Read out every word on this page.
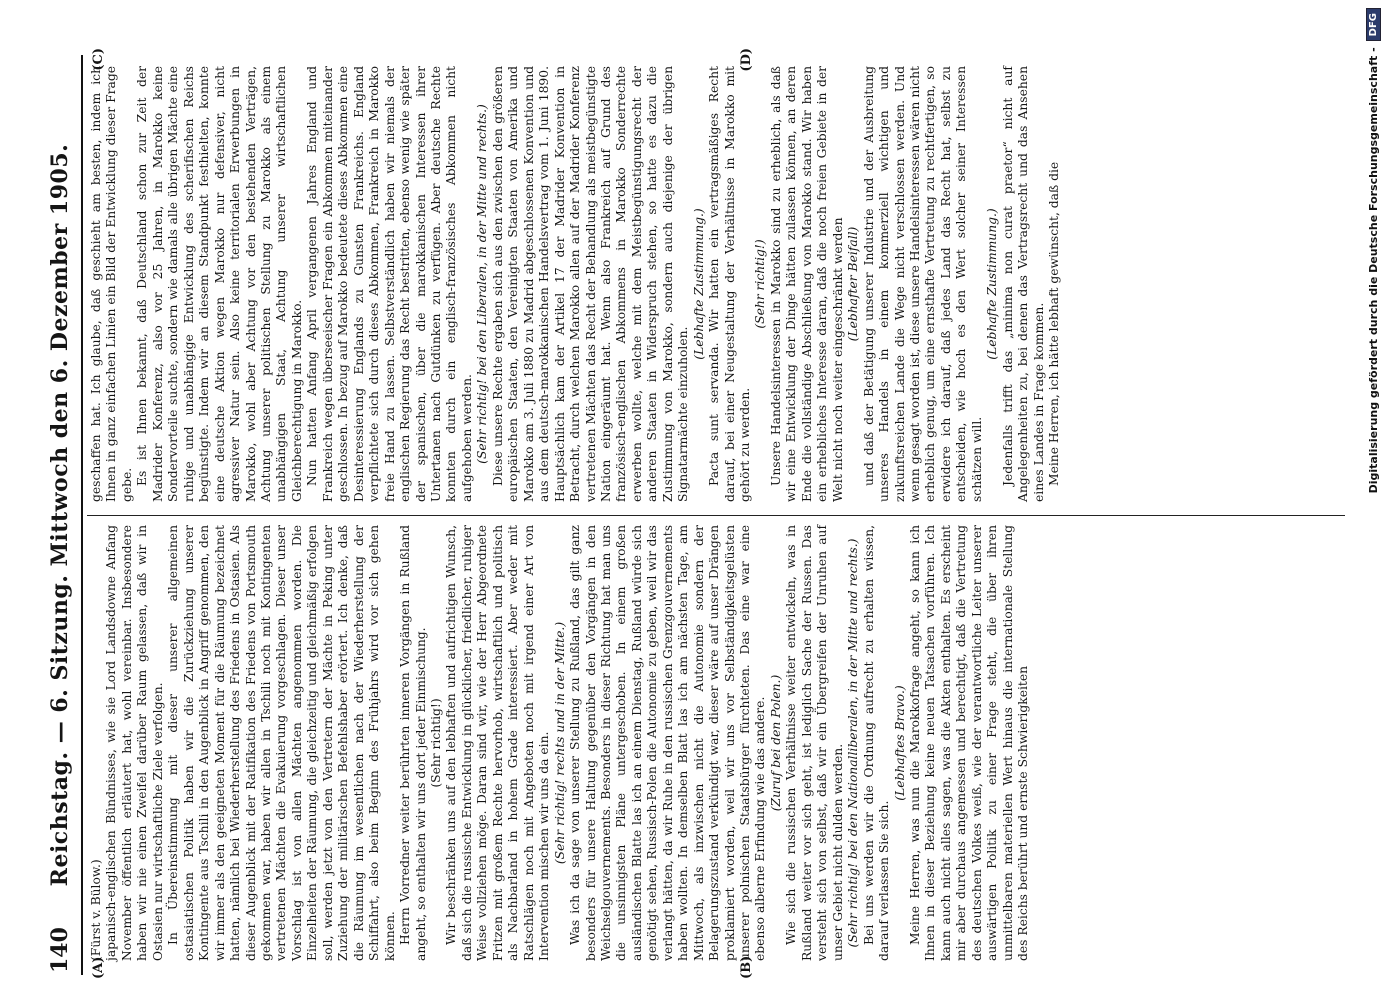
140
Reichstag. — 6. Sitzung. Mittwoch den 6. Dezember 1905.
(A)	(B)

(Fürst v. Bülow.) japanisch-englischen Bündnisses, wie sie Lord Landsdowne Anfang November öffentlich erläutert hat, wohl vereinbar. Insbesondere haben wir nie einen Zweifel darüber Raum gelassen, daß wir in Ostasien nur wirtschaftliche Ziele verfolgen. In Übereinstimmung mit dieser unserer allgemeinen ostasiatischen Politik haben wir die Zurückziehung unserer Kontingente aus Tschili in den Augenblick in Angriff genommen, den wir immer als den geeigneten Moment für die Räumung bezeichnet hatten, nämlich bei Wiederherstellung des Friedens in Ostasien. Als dieser Augenblick mit der Ratifikation des Friedens von Portsmouth gekommen war, haben wir allen in Tschili noch mit Kontingenten vertretenen Mächten die Evakuierung vorgeschlagen. Dieser unser Vorschlag ist von allen Mächten angenommen worden. Die Einzelheiten der Räumung, die gleichzeitig und gleichmäßig erfolgen soll, werden jetzt von den Vertretern der Mächte in Peking unter Zuziehung der militärischen Befehlshaber erörtert. Ich denke, daß die Räumung im wesentlichen nach der Wiederherstellung der Schiffahrt, also beim Beginn des Frühjahrs wird vor sich gehen können. Herrn Vorredner weiter berührten inneren Vorgängen in Rußland angeht, so enthalten wir uns dort jeder Einmischung. (Sehr richtig!) Wir beschränken uns auf den lebhaften und aufrichtigen Wunsch, daß sich die russische Entwicklung in glücklicher, friedlicher, ruhiger Weise vollziehen möge. Daran sind wir, wie der Herr Abgeordnete Fritzen mit großem Rechte hervorhob, wirtschaftlich und politisch als Nachbarland in hohem Grade interessiert. Aber weder mit Ratschlägen noch mit Angeboten noch mit irgend einer Art von Intervention mischen wir uns da ein. (Sehr richtig! rechts und in der Mitte.) Was ich da sage von unserer Stellung zu Rußland, das gilt ganz besonders für unsere Haltung gegenüber den Vorgängen in den Weichselgouvernements. Besonders in dieser Richtung hat man uns die unsinnigsten Pläne untergeschoben. In einem großen ausländischen Blatte las ich an einem Dienstag, Rußland würde sich genötigt sehen, Russisch-Polen die Autonomie zu geben, weil wir das verlangt hätten, da wir Ruhe in den russischen Grenzgouvernements haben wollten. In demselben Blatt las ich am nächsten Tage, am Mittwoch, als inzwischen nicht die Autonomie sondern der Belagerungszustand verkündigt war, dieser wäre auf unser Drängen proklamiert worden, weil wir uns vor Selbständigkeitsgelüsten unserer polnischen Staatsbürger fürchteten. Das eine war eine ebenso alberne Erfindung wie das andere. (Zuruf bei den Polen.) Wie sich die russischen Verhältnisse weiter entwickeln, was in Rußland weiter vor sich geht, ist lediglich Sache der Russen. Das versteht sich von selbst, daß wir ein Übergreifen der Unruhen auf unser Gebiet nicht dulden werden. (Sehr richtig! bei den Nationalliberalen, in der Mitte und rechts.) Bei uns werden wir die Ordnung aufrecht zu erhalten wissen, darauf verlassen Sie sich.

(Lebhaftes Bravo.) Meine Herren, was nun die Marokkofrage angeht, so kann ich Ihnen in dieser Beziehung keine neuen Tatsachen vorführen. Ich kann auch nicht alles sagen, was die Akten enthalten. Es erscheint mir aber durchaus angemessen und berechtigt, daß die Vertretung des deutschen Volkes weiß, wie der verantwortliche Leiter unserer auswärtigen Politik zu einer Frage steht, die über ihren unmittelbaren materiellen Wert hinaus die internationale Stellung des Reichs berührt und ernste Schwierigkeiten

(C)	(D)

geschaffen hat. Ich glaube, daß geschieht am besten, indem ich Ihnen in ganz einfachen Linien ein Bild der Entwicklung dieser Frage gebe. Es ist Ihnen bekannt, daß Deutschland schon zur Zeit der Madrider Konferenz, also vor 25 Jahren, in Marokko keine Sondervorteile suchte, sondern wie damals alle übrigen Mächte eine ruhige und unabhängige Entwicklung des scherifischen Reichs begünstigte. Indem wir an diesem Standpunkt festhielten, konnte eine deutsche Aktion wegen Marokko nur defensiver, nicht agressiver Natur sein. Also keine territorialen Erwerbungen in Marokko, wohl aber Achtung vor den bestehenden Verträgen, Achtung unserer politischen Stellung zu Marokko als einem unabhängigen Staat, Achtung unserer wirtschaftlichen Gleichberechtigung in Marokko. Nun hatten Anfang April vergangenen Jahres England und Frankreich wegen überseeischer Fragen ein Abkommen miteinander geschlossen. In bezug auf Marokko bedeutete dieses Abkommen eine Desinteressierung Englands zu Gunsten Frankreichs. England verpflichtete sich durch dieses Abkommen, Frankreich in Marokko freie Hand zu lassen. Selbstverständlich haben wir niemals der englischen Regierung das Recht bestritten, ebenso wenig wie später der spanischen, über die marokkanischen Interessen ihrer Untertanen nach Gutdünken zu verfügen. Aber deutsche Rechte konnten durch ein englisch-französisches Abkommen nicht aufgehoben werden. (Sehr richtig! bei den Liberalen, in der Mitte und rechts.) Diese unsere Rechte ergaben sich aus den zwischen den größeren europäischen Staaten, den Vereinigten Staaten von Amerika und Marokko am 3. Juli 1880 zu Madrid abgeschlossenen Konvention und aus dem deutsch-marokkanischen Handelsvertrag vom 1. Juni 1890. Hauptsächlich kam der Artikel 17 der Madrider Konvention in Betracht, durch welchen Marokko allen auf der Madrider Konferenz vertretenen Mächten das Recht der Behandlung als meistbegünstigte Nation eingeräumt hat. Wenn also Frankreich auf Grund des französisch-englischen Abkommens in Marokko Sonderrechte erwerben wollte, welche mit dem Meistbegünstigungsrecht der anderen Staaten in Widerspruch stehen, so hatte es dazu die Zustimmung von Marokko, sondern auch diejenige der übrigen Signatarmächte einzuholen.

(Lebhafte Zustimmung.) Pacta sunt servanda. Wir hatten ein vertragsmäßiges Recht darauf, bei einer Neugestaltung der Verhältnisse in Marokko mit gehört zu werden.

(Sehr richtig!) Unsere Handelsinteressen in Marokko sind zu erheblich, als daß wir eine Entwicklung der Dinge hätten zulassen können, an deren Ende die vollständige Abschließung von Marokko stand. Wir haben ein erhebliches Interesse daran, daß die noch freien Gebiete in der Welt nicht noch weiter eingeschränkt werden (Lebhafter Beifall) und daß der Betätigung unserer Industrie und der Ausbreitung unseres Handels in einem kommerziell wichtigen und zukunftsreichen Lande die Wege nicht verschlossen werden. Und wenn gesagt worden ist, diese unsere Handelsinteressen wären nicht erheblich genug, um eine ernsthafte Vertretung zu rechtfertigen, so erwidere ich darauf, daß jedes Land das Recht hat, selbst zu entscheiden, wie hoch es den Wert solcher seiner Interessen schätzen will.

(Lebhafte Zustimmung.) Jedenfalls trifft das „minima non curat praetor“ nicht auf Angelegenheiten zu, bei denen das Vertragsrecht und das Ansehen eines Landes in Frage kommen. Meine Herren, ich hätte lebhaft gewünscht, daß die	Digitalisierung gefördert durch die Deutsche Forschungsgemeinschaft -
DFG
